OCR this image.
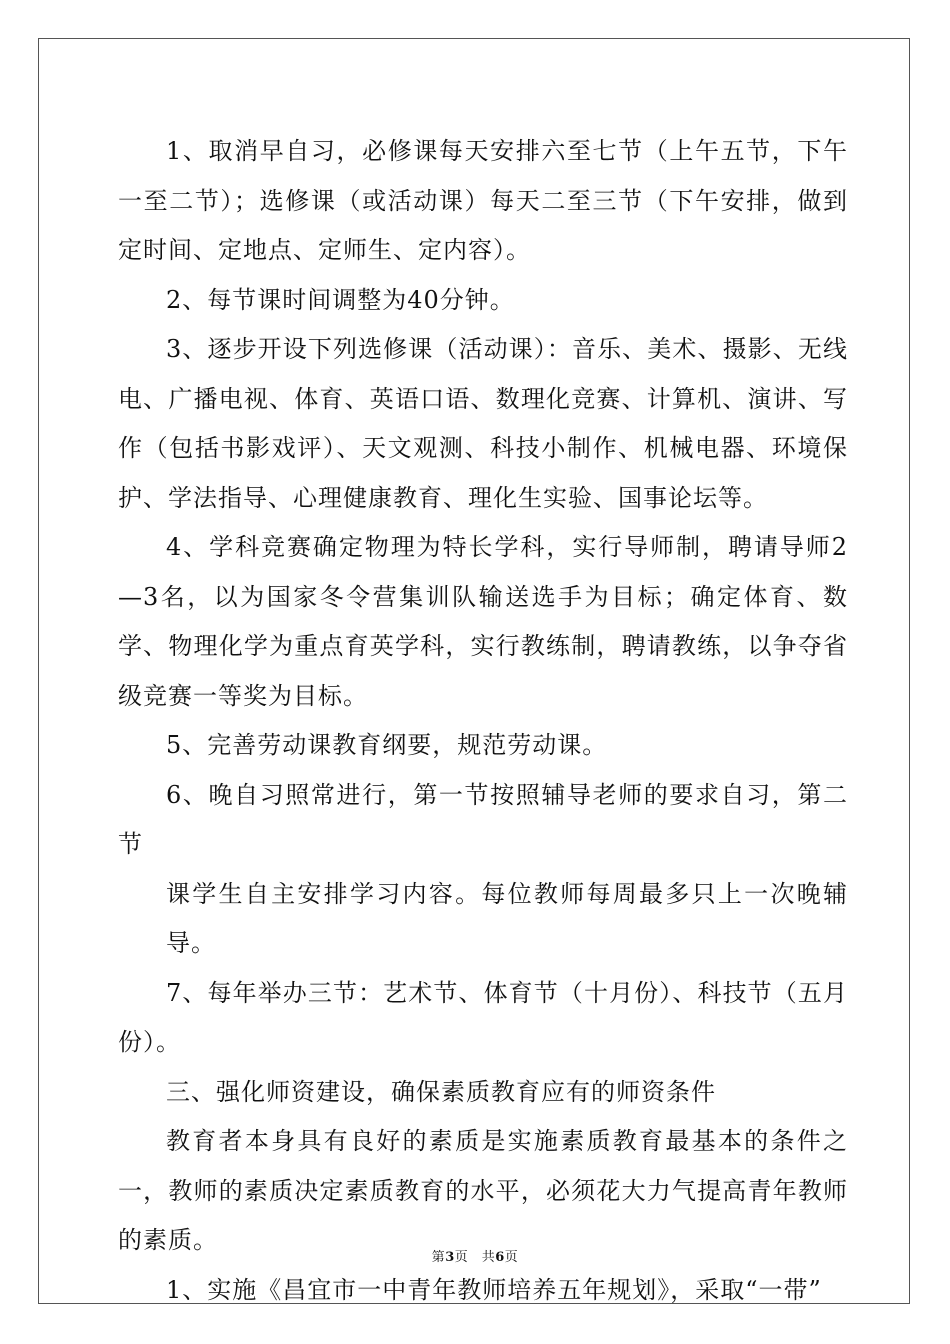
1、取消早自习，必修课每天安排六至七节（上午五节，下午一至二节）；选修课（或活动课）每天二至三节（下午安排，做到定时间、定地点、定师生、定内容）。

2、每节课时间调整为40分钟。

3、逐步开设下列选修课（活动课）：音乐、美术、摄影、无线电、广播电视、体育、英语口语、数理化竞赛、计算机、演讲、写作（包括书影戏评）、天文观测、科技小制作、机械电器、环境保护、学法指导、心理健康教育、理化生实验、国事论坛等。

4、学科竞赛确定物理为特长学科，实行导师制，聘请导师2—3名，以为国家冬令营集训队输送选手为目标；确定体育、数学、物理化学为重点育英学科，实行教练制，聘请教练，以争夺省级竞赛一等奖为目标。

5、完善劳动课教育纲要，规范劳动课。

6、晚自习照常进行，第一节按照辅导老师的要求自习，第二节

课学生自主安排学习内容。每位教师每周最多只上一次晚辅导。

7、每年举办三节：艺术节、体育节（十月份）、科技节（五月份）。

三、强化师资建设，确保素质教育应有的师资条件

教育者本身具有良好的素质是实施素质教育最基本的条件之一，教师的素质决定素质教育的水平，必须花大力气提高青年教师的素质。

1、实施《昌宜市一中青年教师培养五年规划》，采取“一带”

第3页　共6页
